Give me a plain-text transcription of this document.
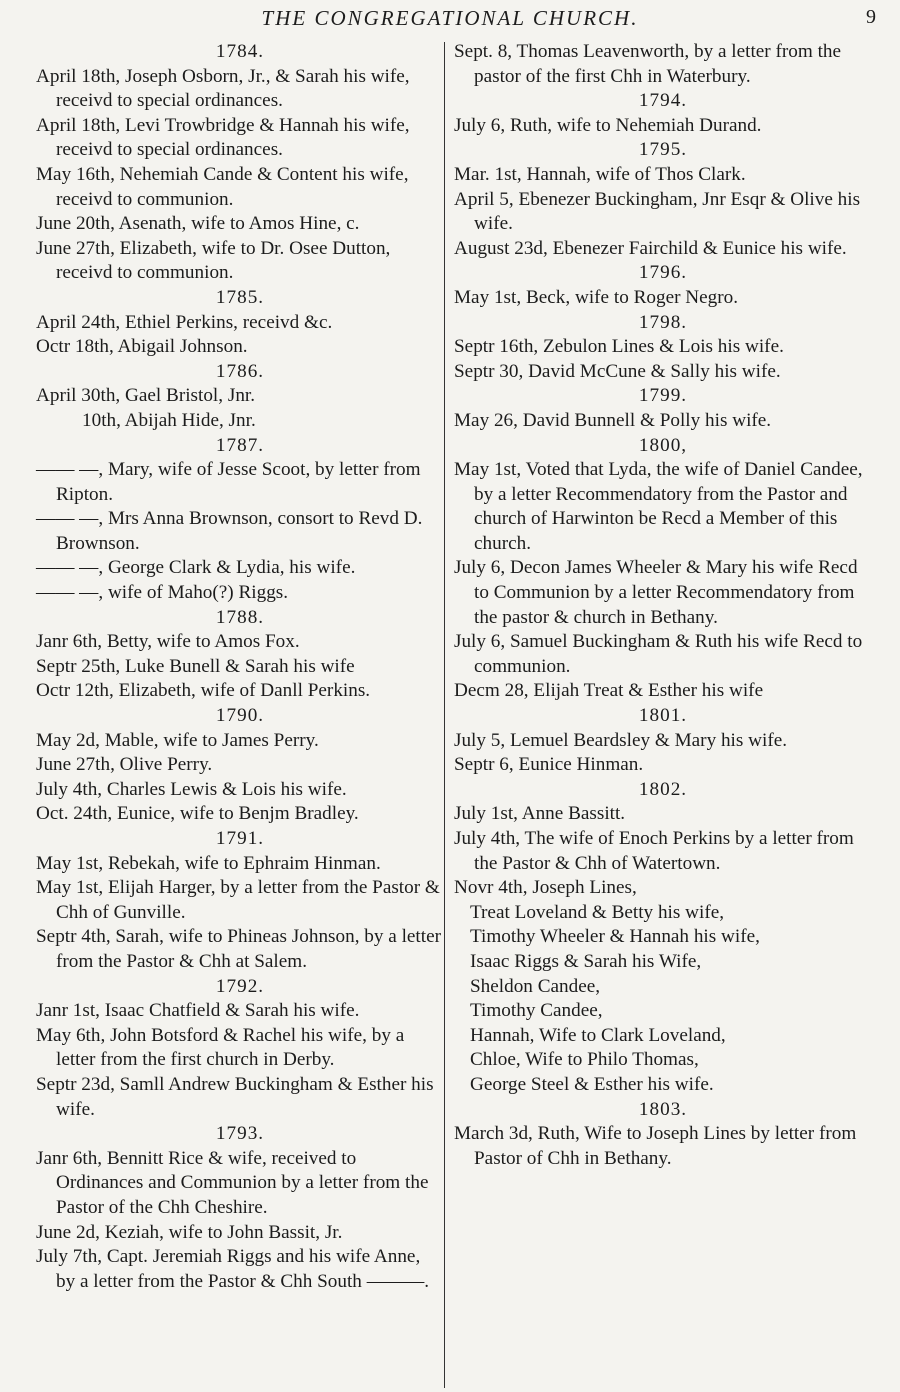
THE CONGREGATIONAL CHURCH.	9
1784.
April 18th, Joseph Osborn, Jr., & Sarah his wife, receivd to special ordinances.
April 18th, Levi Trowbridge & Hannah his wife, receivd to special ordinances.
May 16th, Nehemiah Cande & Content his wife, receivd to communion.
June 20th, Asenath, wife to Amos Hine, c.
June 27th, Elizabeth, wife to Dr. Osee Dutton, receivd to communion.
1785.
April 24th, Ethiel Perkins, receivd &c.
Octr 18th, Abigail Johnson.
1786.
April 30th, Gael Bristol, Jnr.
10th, Abijah Hide, Jnr.
1787.
—— —, Mary, wife of Jesse Scoot, by letter from Ripton.
—— —, Mrs Anna Brownson, consort to Revd D. Brownson.
—— —, George Clark & Lydia, his wife.
—— —, wife of Maho(?) Riggs.
1788.
Janr 6th, Betty, wife to Amos Fox.
Septr 25th, Luke Bunell & Sarah his wife
Octr 12th, Elizabeth, wife of Danll Perkins.
1790.
May 2d, Mable, wife to James Perry.
June 27th, Olive Perry.
July 4th, Charles Lewis & Lois his wife.
Oct. 24th, Eunice, wife to Benjm Bradley.
1791.
May 1st, Rebekah, wife to Ephraim Hinman.
May 1st, Elijah Harger, by a letter from the Pastor & Chh of Gunville.
Septr 4th, Sarah, wife to Phineas Johnson, by a letter from the Pastor & Chh at Salem.
1792.
Janr 1st, Isaac Chatfield & Sarah his wife.
May 6th, John Botsford & Rachel his wife, by a letter from the first church in Derby.
Septr 23d, Samll Andrew Buckingham & Esther his wife.
1793.
Janr 6th, Bennitt Rice & wife, received to Ordinances and Communion by a letter from the Pastor of the Chh Cheshire.
June 2d, Keziah, wife to John Bassit, Jr.
July 7th, Capt. Jeremiah Riggs and his wife Anne, by a letter from the Pastor & Chh South ———.
Sept. 8, Thomas Leavenworth, by a letter from the pastor of the first Chh in Waterbury.
1794.
July 6, Ruth, wife to Nehemiah Durand.
1795.
Mar. 1st, Hannah, wife of Thos Clark.
April 5, Ebenezer Buckingham, Jnr Esqr & Olive his wife.
August 23d, Ebenezer Fairchild & Eunice his wife.
1796.
May 1st, Beck, wife to Roger Negro.
1798.
Septr 16th, Zebulon Lines & Lois his wife.
Septr 30, David McCune & Sally his wife.
1799.
May 26, David Bunnell & Polly his wife.
1800,
May 1st, Voted that Lyda, the wife of Daniel Candee, by a letter Recommendatory from the Pastor and church of Harwinton be Recd a Member of this church.
July 6, Decon James Wheeler & Mary his wife Recd to Communion by a letter Recommendatory from the pastor & church in Bethany.
July 6, Samuel Buckingham & Ruth his wife Recd to communion.
Decm 28, Elijah Treat & Esther his wife
1801.
July 5, Lemuel Beardsley & Mary his wife.
Septr 6, Eunice Hinman.
1802.
July 1st, Anne Bassitt.
July 4th, The wife of Enoch Perkins by a letter from the Pastor & Chh of Watertown.
Novr 4th, Joseph Lines,
Treat Loveland & Betty his wife,
Timothy Wheeler & Hannah his wife,
Isaac Riggs & Sarah his Wife,
Sheldon Candee,
Timothy Candee,
Hannah, Wife to Clark Loveland,
Chloe, Wife to Philo Thomas,
George Steel & Esther his wife.
1803.
March 3d, Ruth, Wife to Joseph Lines by letter from Pastor of Chh in Bethany.
